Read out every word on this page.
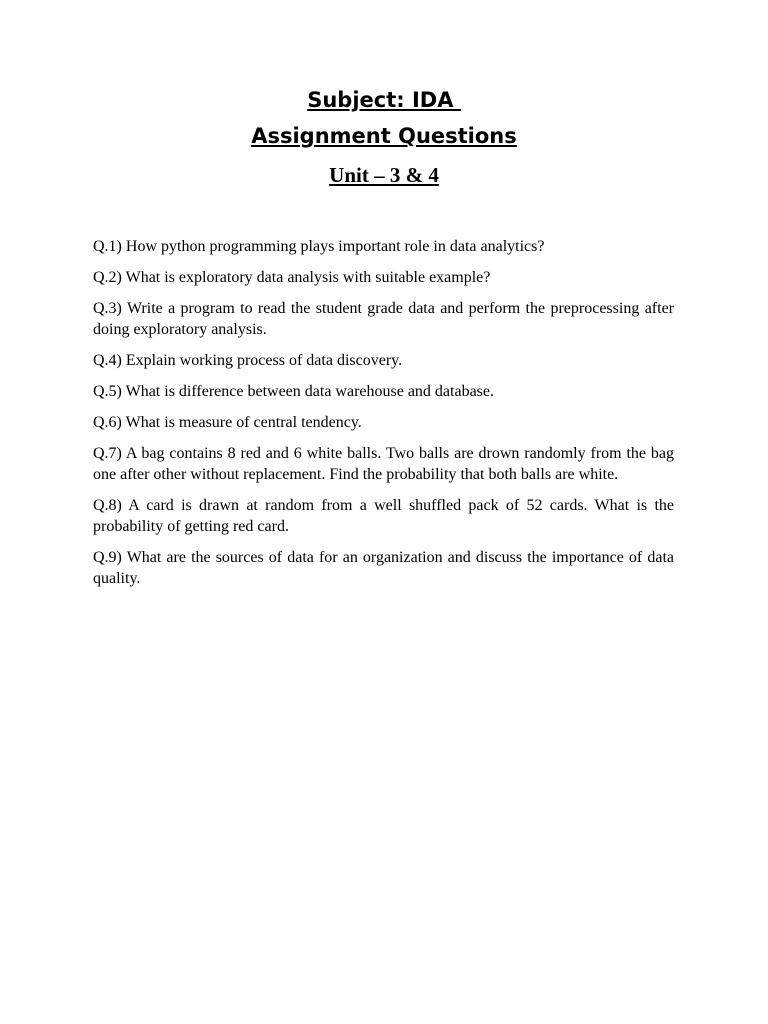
Subject: IDA
Assignment Questions
Unit – 3 & 4

Q.1) How python programming plays important role in data analytics?

Q.2) What is exploratory data analysis with suitable example?

Q.3) Write a program to read the student grade data and perform the preprocessing after doing exploratory analysis.

Q.4) Explain working process of data discovery.

Q.5) What is difference between data warehouse and database.

Q.6) What is measure of central tendency.

Q.7) A bag contains 8 red and 6 white balls. Two balls are drown randomly from the bag one after other without replacement. Find the probability that both balls are white.

Q.8) A card is drawn at random from a well shuffled pack of 52 cards. What is the probability of getting red card.

Q.9) What are the sources of data for an organization and discuss the importance of data quality.
